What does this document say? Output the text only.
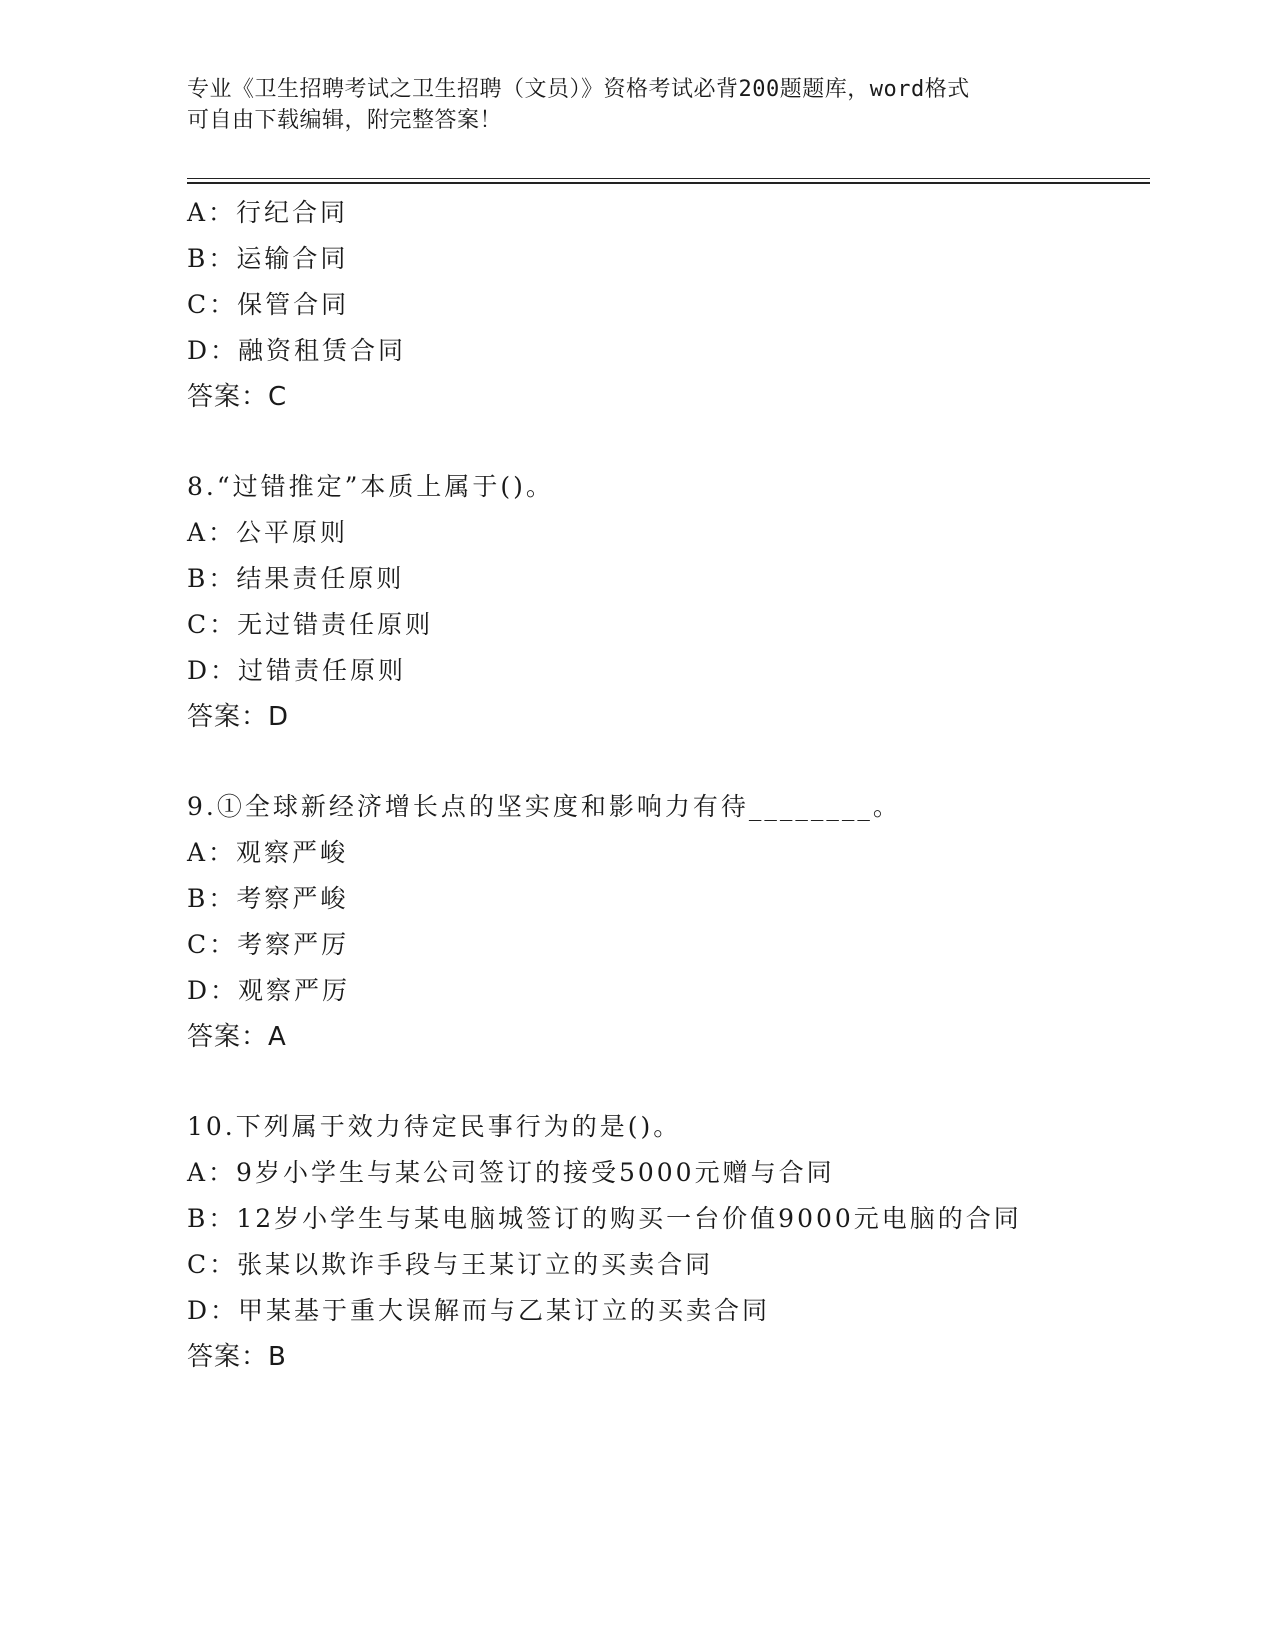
专业《卫生招聘考试之卫生招聘（文员）》资格考试必背200题题库，word格式
可自由下载编辑，附完整答案！
A：行纪合同
B：运输合同
C：保管合同
D：融资租赁合同
答案：C
8.“过错推定”本质上属于()。
A：公平原则
B：结果责任原则
C：无过错责任原则
D：过错责任原则
答案：D
9.①全球新经济增长点的坚实度和影响力有待________。
A：观察严峻
B：考察严峻
C：考察严厉
D：观察严厉
答案：A
10.下列属于效力待定民事行为的是()。
A：9岁小学生与某公司签订的接受5000元赠与合同
B：12岁小学生与某电脑城签订的购买一台价值9000元电脑的合同
C：张某以欺诈手段与王某订立的买卖合同
D：甲某基于重大误解而与乙某订立的买卖合同
答案：B
